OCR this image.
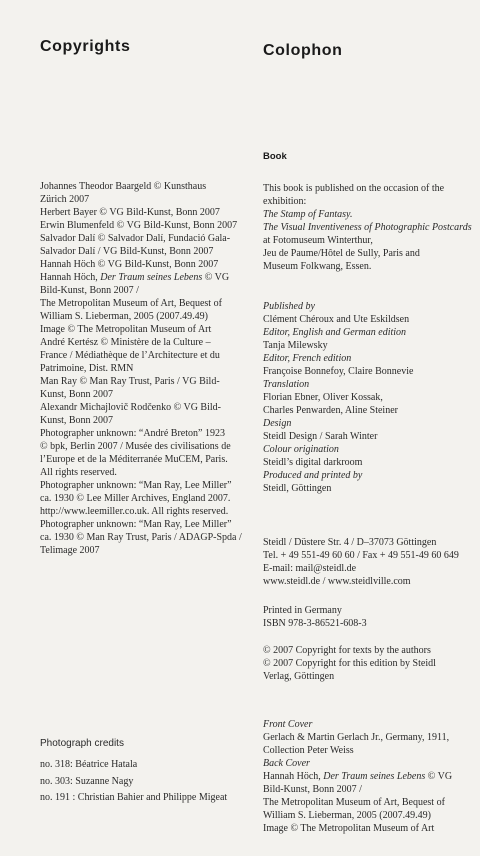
Copyrights

Johannes Theodor Baargeld © Kunsthaus
Zürich 2007

Herbert Bayer © VG Bild-Kunst, Bonn 2007

Erwin Blumenfeld © VG Bild-Kunst, Bonn 2007

Salvador Dalí © Salvador Dalí, Fundació Gala-
Salvador Dalí / VG Bild-Kunst, Bonn 2007

Hannah Höch © VG Bild-Kunst, Bonn 2007

Hannah Höch, Der Traum seines Lebens © VG
Bild-Kunst, Bonn 2007 /
The Metropolitan Museum of Art, Bequest of
William S. Lieberman, 2005 (2007.49.49)
Image © The Metropolitan Museum of Art

André Kertész © Ministère de la Culture –
France / Médiathèque de l’Architecture et du
Patrimoine, Dist. RMN

Man Ray © Man Ray Trust, Paris / VG Bild-
Kunst, Bonn 2007

Alexandr Michajlovič Rodčenko © VG Bild-
Kunst, Bonn 2007

Photographer unknown: “André Breton” 1923
© bpk, Berlin 2007 / Musée des civilisations de
l’Europe et de la Méditerranée MuCEM, Paris.
All rights reserved.

Photographer unknown: “Man Ray, Lee Miller”
ca. 1930 © Lee Miller Archives, England 2007.
http://www.leemiller.co.uk. All rights reserved.

Photographer unknown: “Man Ray, Lee Miller”
ca. 1930 © Man Ray Trust, Paris / ADAGP-Spda /
Telimage 2007

Photograph credits
no. 318: Béatrice Hatala
no. 303: Suzanne Nagy
no. 191 : Christian Bahier and Philippe Migeat
Colophon
Book
This book is published on the occasion of the
exhibition:
The Stamp of Fantasy.
The Visual Inventiveness of Photographic Postcards
at Fotomuseum Winterthur,
Jeu de Paume/Hôtel de Sully, Paris and
Museum Folkwang, Essen.
Published by
Clément Chéroux and Ute Eskildsen
Editor, English and German edition
Tanja Milewsky
Editor, French edition
Françoise Bonnefoy, Claire Bonnevie
Translation
Florian Ebner, Oliver Kossak,
Charles Penwarden, Aline Steiner
Design
Steidl Design / Sarah Winter
Colour origination
Steidl’s digital darkroom
Produced and printed by
Steidl, Göttingen
Steidl / Düstere Str. 4 / D–37073 Göttingen
Tel. + 49 551-49 60 60 / Fax + 49 551-49 60 649
E-mail: mail@steidl.de
www.steidl.de / www.steidlville.com
Printed in Germany
ISBN 978-3-86521-608-3
© 2007 Copyright for texts by the authors
© 2007 Copyright for this edition by Steidl
Verlag, Göttingen
Front Cover
Gerlach & Martin Gerlach Jr., Germany, 1911,
Collection Peter Weiss
Back Cover
Hannah Höch, Der Traum seines Lebens © VG
Bild-Kunst, Bonn 2007 /
The Metropolitan Museum of Art, Bequest of
William S. Lieberman, 2005 (2007.49.49)
Image © The Metropolitan Museum of Art
